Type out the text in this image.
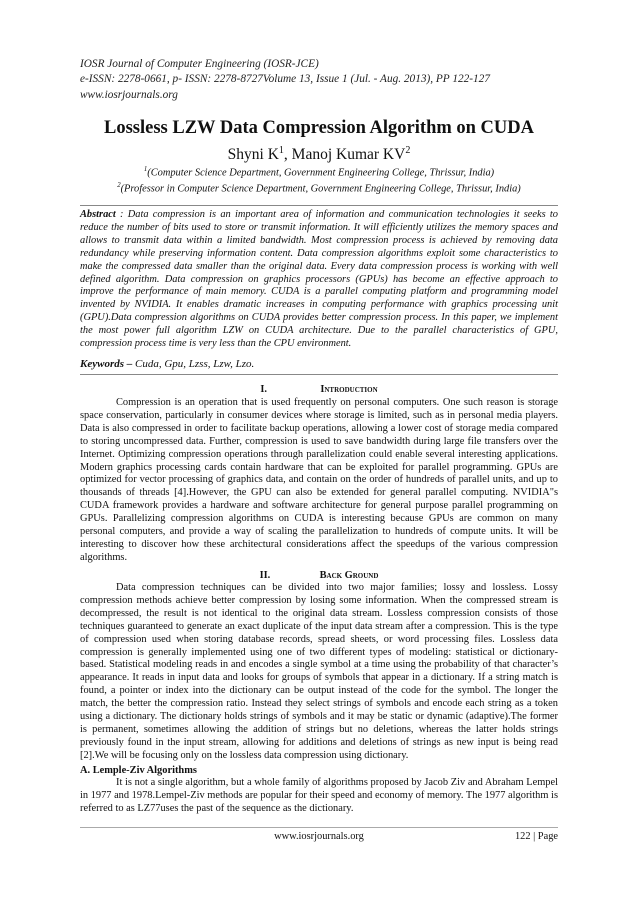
IOSR Journal of Computer Engineering (IOSR-JCE)
e-ISSN: 2278-0661, p- ISSN: 2278-8727Volume 13, Issue 1 (Jul. - Aug. 2013), PP 122-127
www.iosrjournals.org
Lossless LZW Data Compression Algorithm on CUDA
Shyni $K^1$, Manoj Kumar $KV^2$
$^1$(Computer Science Department, Government Engineering College, Thrissur, India)
$^2$(Professor in Computer Science Department, Government Engineering College, Thrissur, India)
Abstract : Data compression is an important area of information and communication technologies it seeks to reduce the number of bits used to store or transmit information. It will efficiently utilizes the memory spaces and allows to transmit data within a limited bandwidth. Most compression process is achieved by removing data redundancy while preserving information content. Data compression algorithms exploit some characteristics to make the compressed data smaller than the original data. Every data compression process is working with well defined algorithm. Data compression on graphics processors (GPUs) has become an effective approach to improve the performance of main memory. CUDA is a parallel computing platform and programming model invented by NVIDIA. It enables dramatic increases in computing performance with graphics processing unit (GPU).Data compression algorithms on CUDA provides better compression process. In this paper, we implement the most power full algorithm LZW on CUDA architecture. Due to the parallel characteristics of GPU, compression process time is very less than the CPU environment.
Keywords – Cuda, Gpu, Lzss, Lzw, Lzo.
I.	Introduction
Compression is an operation that is used frequently on personal computers. One such reason is storage space conservation, particularly in consumer devices where storage is limited, such as in personal media players. Data is also compressed in order to facilitate backup operations, allowing a lower cost of storage media compared to storing uncompressed data. Further, compression is used to save bandwidth during large file transfers over the Internet. Optimizing compression operations through parallelization could enable several interesting applications. Modern graphics processing cards contain hardware that can be exploited for parallel programming. GPUs are optimized for vector processing of graphics data, and contain on the order of hundreds of parallel units, and up to thousands of threads [4].However, the GPU can also be extended for general parallel computing. NVIDIA"s CUDA framework provides a hardware and software architecture for general purpose parallel programming on GPUs. Parallelizing compression algorithms on CUDA is interesting because GPUs are common on many personal computers, and provide a way of scaling the parallelization to hundreds of compute units. It will be interesting to discover how these architectural considerations affect the speedups of the various compression algorithms.
II.	Back Ground
Data compression techniques can be divided into two major families; lossy and lossless. Lossy compression methods achieve better compression by losing some information. When the compressed stream is decompressed, the result is not identical to the original data stream. Lossless compression consists of those techniques guaranteed to generate an exact duplicate of the input data stream after a compression. This is the type of compression used when storing database records, spread sheets, or word processing files. Lossless data compression is generally implemented using one of two different types of modeling: statistical or dictionary-based. Statistical modeling reads in and encodes a single symbol at a time using the probability of that character’s appearance. It reads in input data and looks for groups of symbols that appear in a dictionary. If a string match is found, a pointer or index into the dictionary can be output instead of the code for the symbol. The longer the match, the better the compression ratio. Instead they select strings of symbols and encode each string as a token using a dictionary. The dictionary holds strings of symbols and it may be static or dynamic (adaptive).The former is permanent, sometimes allowing the addition of strings but no deletions, whereas the latter holds strings previously found in the input stream, allowing for additions and deletions of strings as new input is being read [2].We will be focusing only on the lossless data compression using dictionary.
A. Lemple-Ziv Algorithms
It is not a single algorithm, but a whole family of algorithms proposed by Jacob Ziv and Abraham Lempel in 1977 and 1978.Lempel-Ziv methods are popular for their speed and economy of memory. The 1977 algorithm is referred to as LZ77uses the past of the sequence as the dictionary.
www.iosrjournals.org	122 | Page
